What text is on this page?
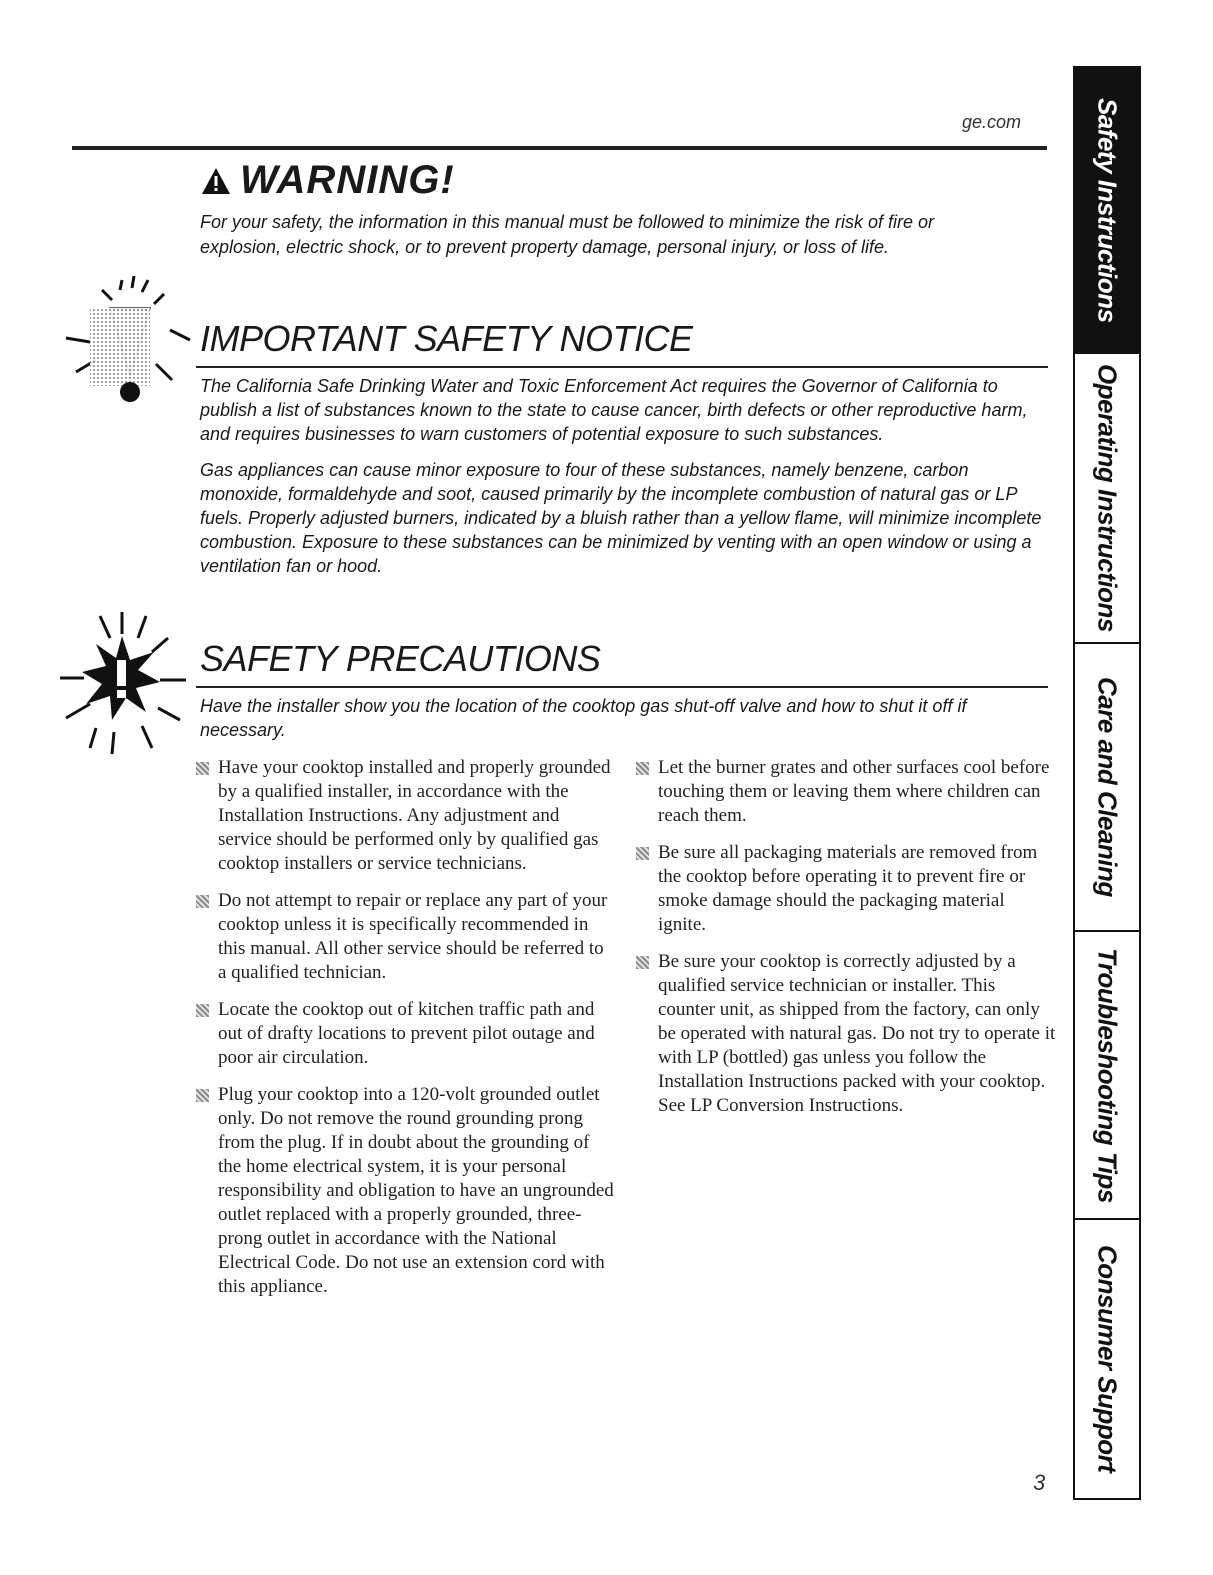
ge.com
WARNING!
For your safety, the information in this manual must be followed to minimize the risk of fire or explosion, electric shock, or to prevent property damage, personal injury, or loss of life.
IMPORTANT SAFETY NOTICE
The California Safe Drinking Water and Toxic Enforcement Act requires the Governor of California to publish a list of substances known to the state to cause cancer, birth defects or other reproductive harm, and requires businesses to warn customers of potential exposure to such substances.
Gas appliances can cause minor exposure to four of these substances, namely benzene, carbon monoxide, formaldehyde and soot, caused primarily by the incomplete combustion of natural gas or LP fuels. Properly adjusted burners, indicated by a bluish rather than a yellow flame, will minimize incomplete combustion. Exposure to these substances can be minimized by venting with an open window or using a ventilation fan or hood.
SAFETY PRECAUTIONS
Have the installer show you the location of the cooktop gas shut-off valve and how to shut it off if necessary.
Have your cooktop installed and properly grounded by a qualified installer, in accordance with the Installation Instructions. Any adjustment and service should be performed only by qualified gas cooktop installers or service technicians.
Do not attempt to repair or replace any part of your cooktop unless it is specifically recommended in this manual. All other service should be referred to a qualified technician.
Locate the cooktop out of kitchen traffic path and out of drafty locations to prevent pilot outage and poor air circulation.
Plug your cooktop into a 120-volt grounded outlet only. Do not remove the round grounding prong from the plug. If in doubt about the grounding of the home electrical system, it is your personal responsibility and obligation to have an ungrounded outlet replaced with a properly grounded, three-prong outlet in accordance with the National Electrical Code. Do not use an extension cord with this appliance.
Let the burner grates and other surfaces cool before touching them or leaving them where children can reach them.
Be sure all packaging materials are removed from the cooktop before operating it to prevent fire or smoke damage should the packaging material ignite.
Be sure your cooktop is correctly adjusted by a qualified service technician or installer. This counter unit, as shipped from the factory, can only be operated with natural gas. Do not try to operate it with LP (bottled) gas unless you follow the Installation Instructions packed with your cooktop. See LP Conversion Instructions.
3
Safety Instructions
Operating Instructions
Care and Cleaning
Troubleshooting Tips
Consumer Support
